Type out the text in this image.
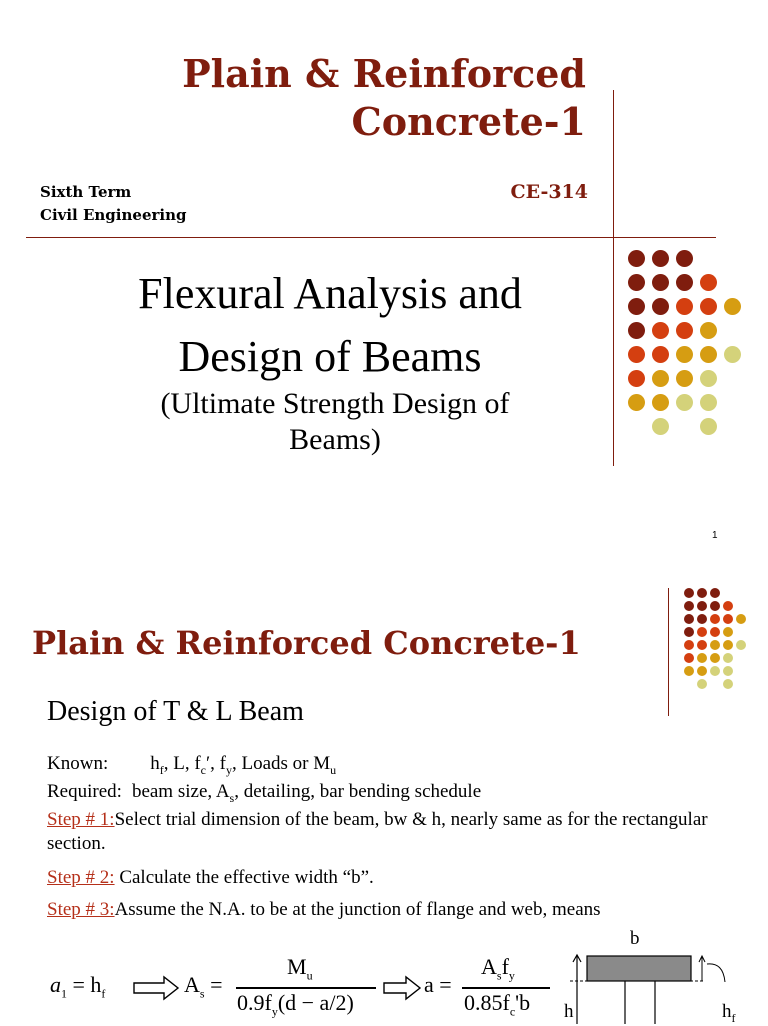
Plain & Reinforced
Concrete-1
Sixth Term
Civil Engineering
CE-314
Flexural Analysis and
Design of Beams
(Ultimate Strength Design of
Beams)
1
Plain & Reinforced Concrete-1
Design of T & L Beam
Known: $h_f$, L, $f_c'$, $f_y$, Loads or $M_u$
Required: beam size, $A_s$, detailing, bar bending schedule
Step # 1:Select trial dimension of the beam, bw & h, nearly same as for the rectangular section.
Step # 2: Calculate the effective width “b”.
Step # 3:Assume the N.A. to be at the junction of flange and web, means
$a_1 = h_f$	$A_s$ =
$M_u$
$0.9f_y(d - a/2)$
a =
$A_sf_y$
$0.85f_c'b$
b
h	$h_f$
